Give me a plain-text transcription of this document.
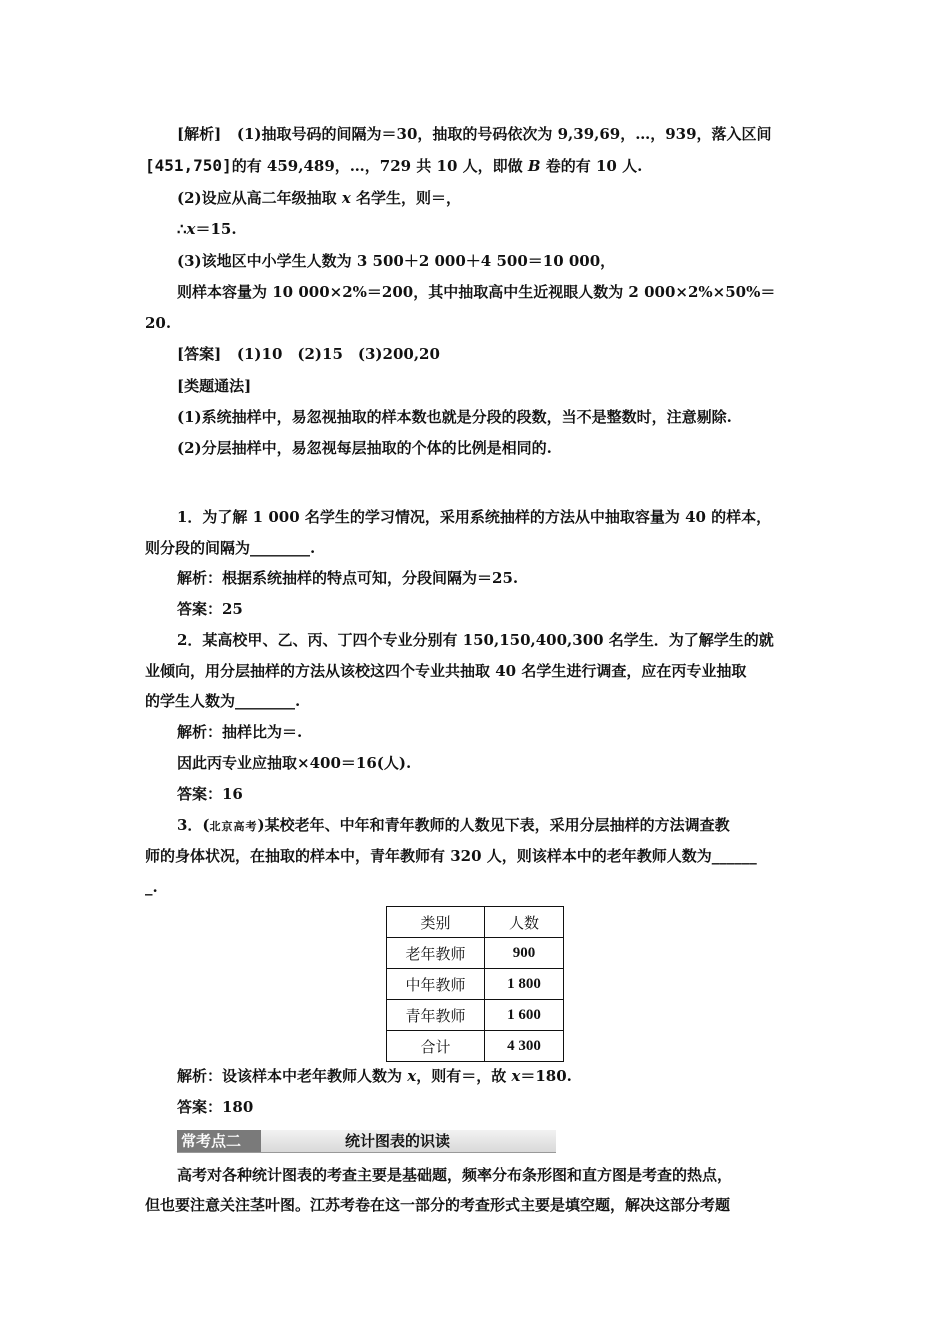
[解析] (1)抽取号码的间隔为＝30，抽取的号码依次为 9,39,69，…，939，落入区间
[451,750]的有 459,489，…，729 共 10 人，即做 B 卷的有 10 人.
(2)设应从高二年级抽取 x 名学生，则＝，
∴x＝15.
(3)该地区中小学生人数为 3 500＋2 000＋4 500＝10 000，
则样本容量为 10 000×2%＝200，其中抽取高中生近视眼人数为 2 000×2%×50%＝
20.
[答案] (1)10　(2)15　(3)200,20
[类题通法]
(1)系统抽样中，易忽视抽取的样本数也就是分段的段数，当不是整数时，注意剔除.
(2)分层抽样中，易忽视每层抽取的个体的比例是相同的.
1．为了解 1 000 名学生的学习情况，采用系统抽样的方法从中抽取容量为 40 的样本，
则分段的间隔为________.
解析：根据系统抽样的特点可知，分段间隔为＝25.
答案：25
2．某高校甲、乙、丙、丁四个专业分别有 150,150,400,300 名学生．为了解学生的就
业倾向，用分层抽样的方法从该校这四个专业共抽取 40 名学生进行调查，应在丙专业抽取
的学生人数为________.
解析：抽样比为＝.
因此丙专业应抽取×400＝16(人).
答案：16
3．(北京高考)某校老年、中年和青年教师的人数见下表，采用分层抽样的方法调查教
师的身体状况，在抽取的样本中，青年教师有 320 人，则该样本中的老年教师人数为______
_.
类别	人数
老年教师	900
中年教师	1 800
青年教师	1 600
合计	4 300
解析：设该样本中老年教师人数为 x，则有＝，故 x＝180.
答案：180
常考点二	统计图表的识读
高考对各种统计图表的考查主要是基础题，频率分布条形图和直方图是考查的热点，
但也要注意关注茎叶图。江苏考卷在这一部分的考查形式主要是填空题，解决这部分考题
